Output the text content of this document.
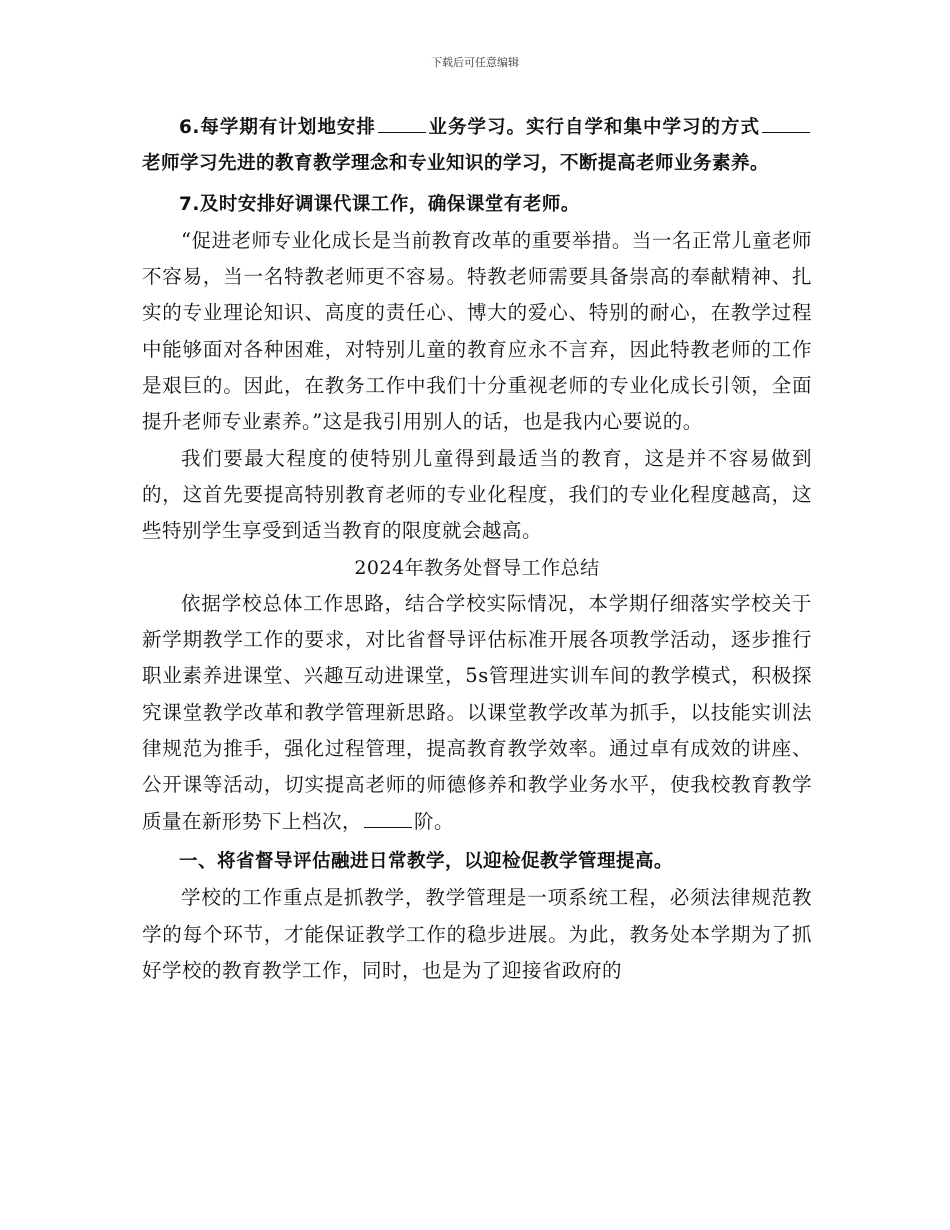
下载后可任意编辑

6.每学期有计划地安排	业务学习。实行自学和集中学习的方式老师学习先进的教育教学理念和专业知识的学习，不断提高老师业务素养。

7.及时安排好调课代课工作，确保课堂有老师。

“促进老师专业化成长是当前教育改革的重要举措。当一名正常儿童老师不容易，当一名特教老师更不容易。特教老师需要具备崇高的奉献精神、扎实的专业理论知识、高度的责任心、博大的爱心、特别的耐心，在教学过程中能够面对各种困难，对特别儿童的教育应永不言弃，因此特教老师的工作是艰巨的。因此，在教务工作中我们十分重视老师的专业化成长引领，全面提升老师专业素养。”这是我引用别人的话，也是我内心要说的。

我们要最大程度的使特别儿童得到最适当的教育，这是并不容易做到的，这首先要提高特别教育老师的专业化程度，我们的专业化程度越高，这些特别学生享受到适当教育的限度就会越高。

2024年教务处督导工作总结

依据学校总体工作思路，结合学校实际情况，本学期仔细落实学校关于新学期教学工作的要求，对比省督导评估标准开展各项教学活动，逐步推行职业素养进课堂、兴趣互动进课堂，5s管理进实训车间的教学模式，积极探究课堂教学改革和教学管理新思路。以课堂教学改革为抓手，以技能实训法律规范为推手，强化过程管理，提高教育教学效率。通过卓有成效的讲座、公开课等活动，切实提高老师的师德修养和教学业务水平，使我校教育教学质量在新形势下上档次，	阶。

一、将省督导评估融进日常教学，以迎检促教学管理提高。

学校的工作重点是抓教学，教学管理是一项系统工程，必须法律规范教学的每个环节，才能保证教学工作的稳步进展。为此，教务处本学期为了抓好学校的教育教学工作，同时，也是为了迎接省政府的
